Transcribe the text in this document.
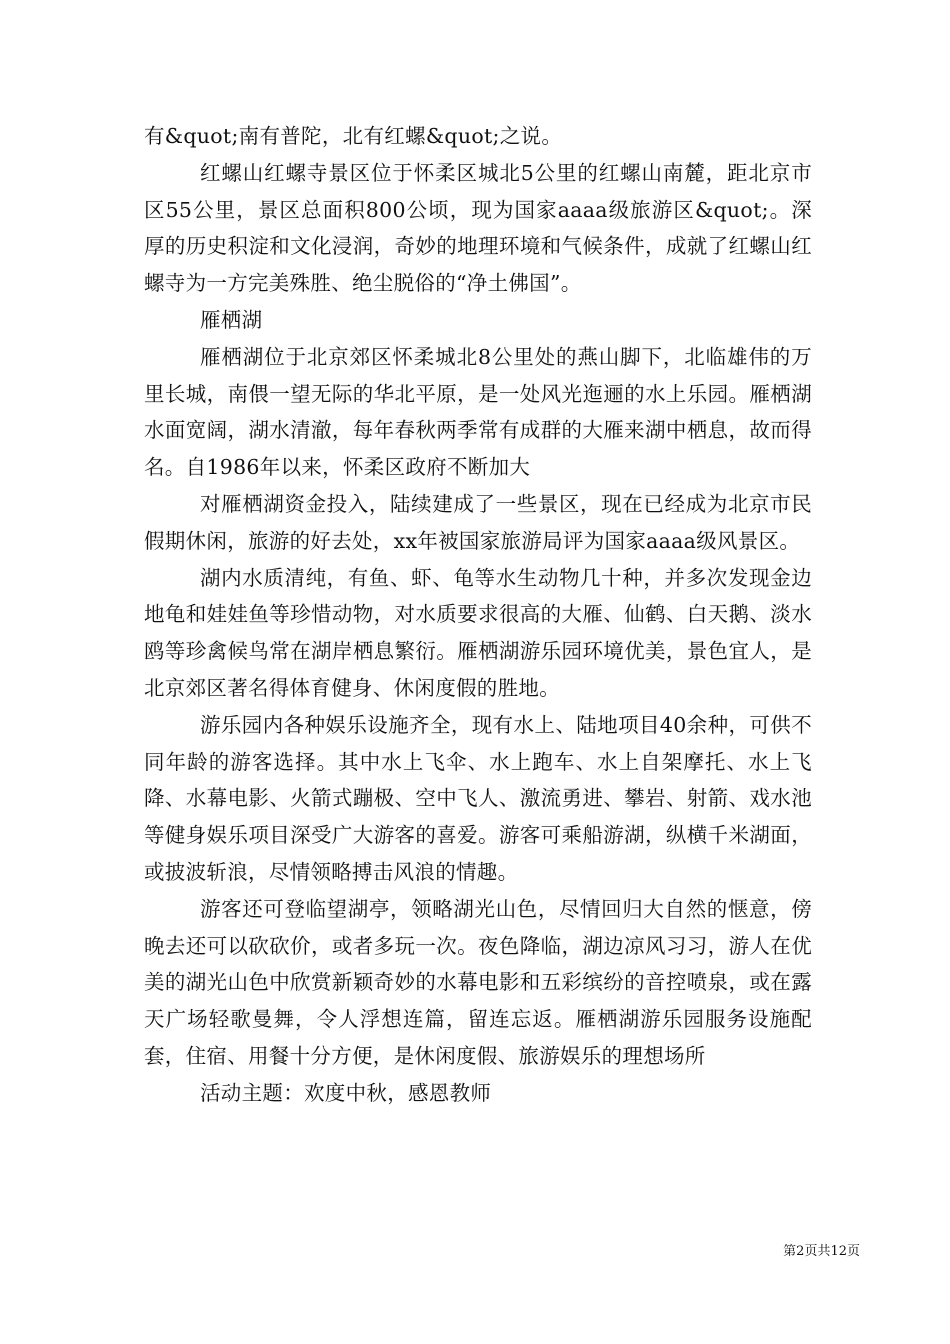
有&quot;南有普陀，北有红螺&quot;之说。

红螺山红螺寺景区位于怀柔区城北5公里的红螺山南麓，距北京市区55公里，景区总面积800公顷，现为国家aaaa级旅游区&quot;。深厚的历史积淀和文化浸润，奇妙的地理环境和气候条件，成就了红螺山红螺寺为一方完美殊胜、绝尘脱俗的“净土佛国”。

雁栖湖

雁栖湖位于北京郊区怀柔城北8公里处的燕山脚下，北临雄伟的万里长城，南偎一望无际的华北平原，是一处风光迤逦的水上乐园。雁栖湖水面宽阔，湖水清澈，每年春秋两季常有成群的大雁来湖中栖息，故而得名。自1986年以来，怀柔区政府不断加大

对雁栖湖资金投入，陆续建成了一些景区，现在已经成为北京市民假期休闲，旅游的好去处，xx年被国家旅游局评为国家aaaa级风景区。

湖内水质清纯，有鱼、虾、龟等水生动物几十种，并多次发现金边地龟和娃娃鱼等珍惜动物，对水质要求很高的大雁、仙鹤、白天鹅、淡水鸥等珍禽候鸟常在湖岸栖息繁衍。雁栖湖游乐园环境优美，景色宜人，是北京郊区著名得体育健身、休闲度假的胜地。

游乐园内各种娱乐设施齐全，现有水上、陆地项目40余种，可供不同年龄的游客选择。其中水上飞伞、水上跑车、水上自架摩托、水上飞降、水幕电影、火箭式蹦极、空中飞人、激流勇进、攀岩、射箭、戏水池等健身娱乐项目深受广大游客的喜爱。游客可乘船游湖，纵横千米湖面，或披波斩浪，尽情领略搏击风浪的情趣。

游客还可登临望湖亭，领略湖光山色，尽情回归大自然的惬意，傍晚去还可以砍砍价，或者多玩一次。夜色降临，湖边凉风习习，游人在优美的湖光山色中欣赏新颖奇妙的水幕电影和五彩缤纷的音控喷泉，或在露天广场轻歌曼舞，令人浮想连篇，留连忘返。雁栖湖游乐园服务设施配套，住宿、用餐十分方便，是休闲度假、旅游娱乐的理想场所

活动主题：欢度中秋，感恩教师

第2页共12页
